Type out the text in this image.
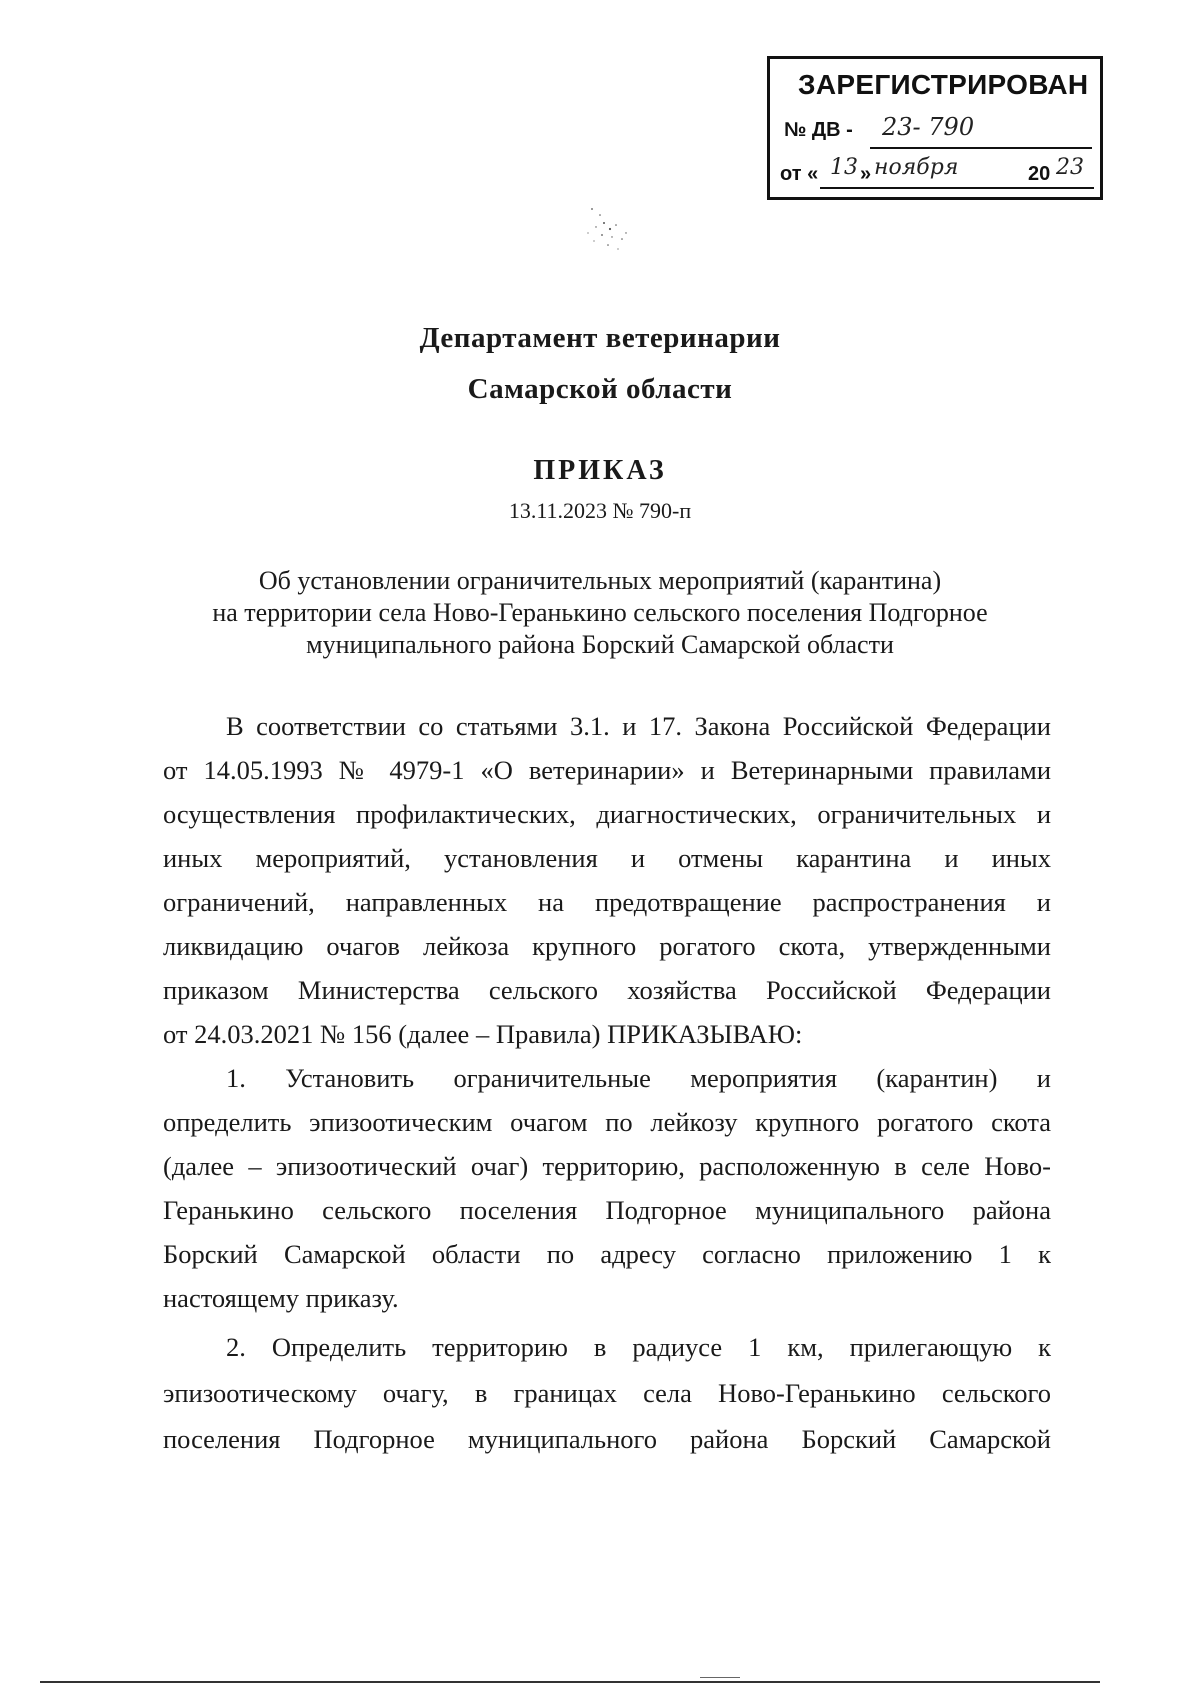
ЗАРЕГИСТРИРОВАН
№ ДВ - 23- 790
от « 13 » ноября	20 23
Департамент ветеринарии
Самарской области
ПРИКАЗ
13.11.2023 № 790-п
Об установлении ограничительных мероприятий (карантина)
на территории села Ново-Геранькино сельского поселения Подгорное
муниципального района Борский Самарской области
В соответствии со статьями 3.1. и 17. Закона Российской Федерации
от 14.05.1993 № 4979-1 «О ветеринарии» и Ветеринарными правилами
осуществления профилактических, диагностических, ограничительных и
иных мероприятий, установления и отмены карантина и иных
ограничений, направленных на предотвращение распространения и
ликвидацию очагов лейкоза крупного рогатого скота, утвержденными
приказом Министерства сельского хозяйства Российской Федерации
от 24.03.2021 № 156 (далее – Правила) ПРИКАЗЫВАЮ:
1. Установить ограничительные мероприятия (карантин) и
определить эпизоотическим очагом по лейкозу крупного рогатого скота
(далее – эпизоотический очаг) территорию, расположенную в селе Ново-
Геранькино сельского поселения Подгорное муниципального района
Борский Самарской области по адресу согласно приложению 1 к
настоящему приказу.
2. Определить территорию в радиусе 1 км, прилегающую к
эпизоотическому очагу, в границах села Ново-Геранькино сельского
поселения Подгорное муниципального района Борский Самарской
